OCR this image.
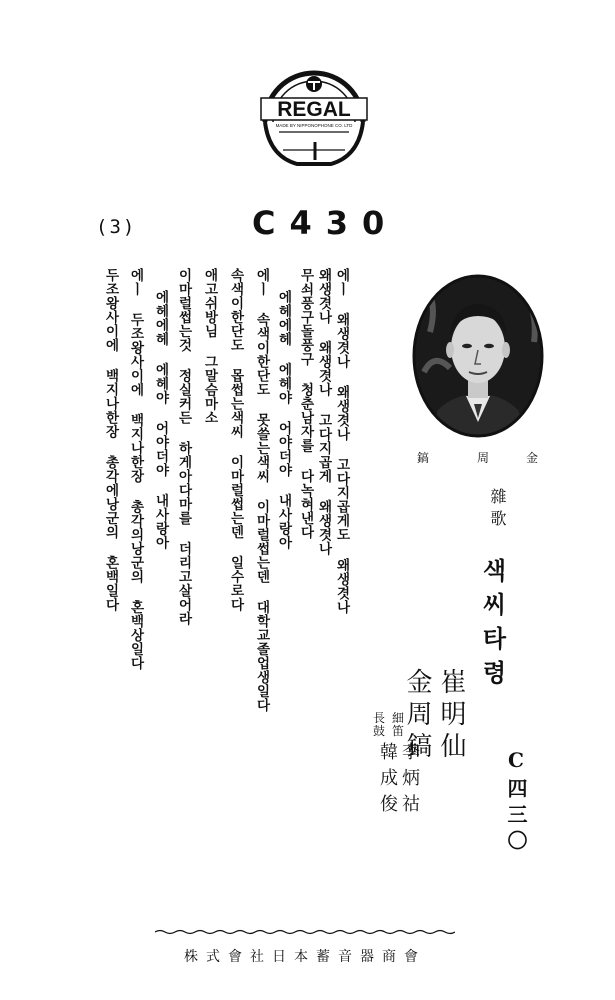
REGAL
MADE BY NIPPONOPHONE CO. LTD
(3)	C430
에ㅣ 왜생겻나 왜생겻나 고다지곱게도 왜생겻나
왜생겻나 왜생겻나 고다지곱게 왜생겻나
무쇠풍구돌풍구 청춘남자를 다녹혀낸다
에헤에헤 에헤야 어야더야 내사랑아
에ㅣ 속색이한단도 못쓸는색씨 이마럴썹는덴 대학교졸업생일다
속색이한단도 몹썹는색씨 이마럴썹는덴 일수로다
애고쉬방님 그말슴마소
이마럴썹는것 정실커든 하게아다마를 더리고살어라
에헤에헤 에헤야 어야더야 내사랑아
에ㅣ 두조왕사이에 백지나한장 총각의낭군의 혼백상일다
두조왕사이에 백지나한장 총각에낭군의 혼백일다	金
周
鎬
雜歌
색씨타령
崔明仙
金周鎬
細
笛
長
鼓
李炳祜
韓成俊	C四三〇
株式會社日本蓄音器商會
